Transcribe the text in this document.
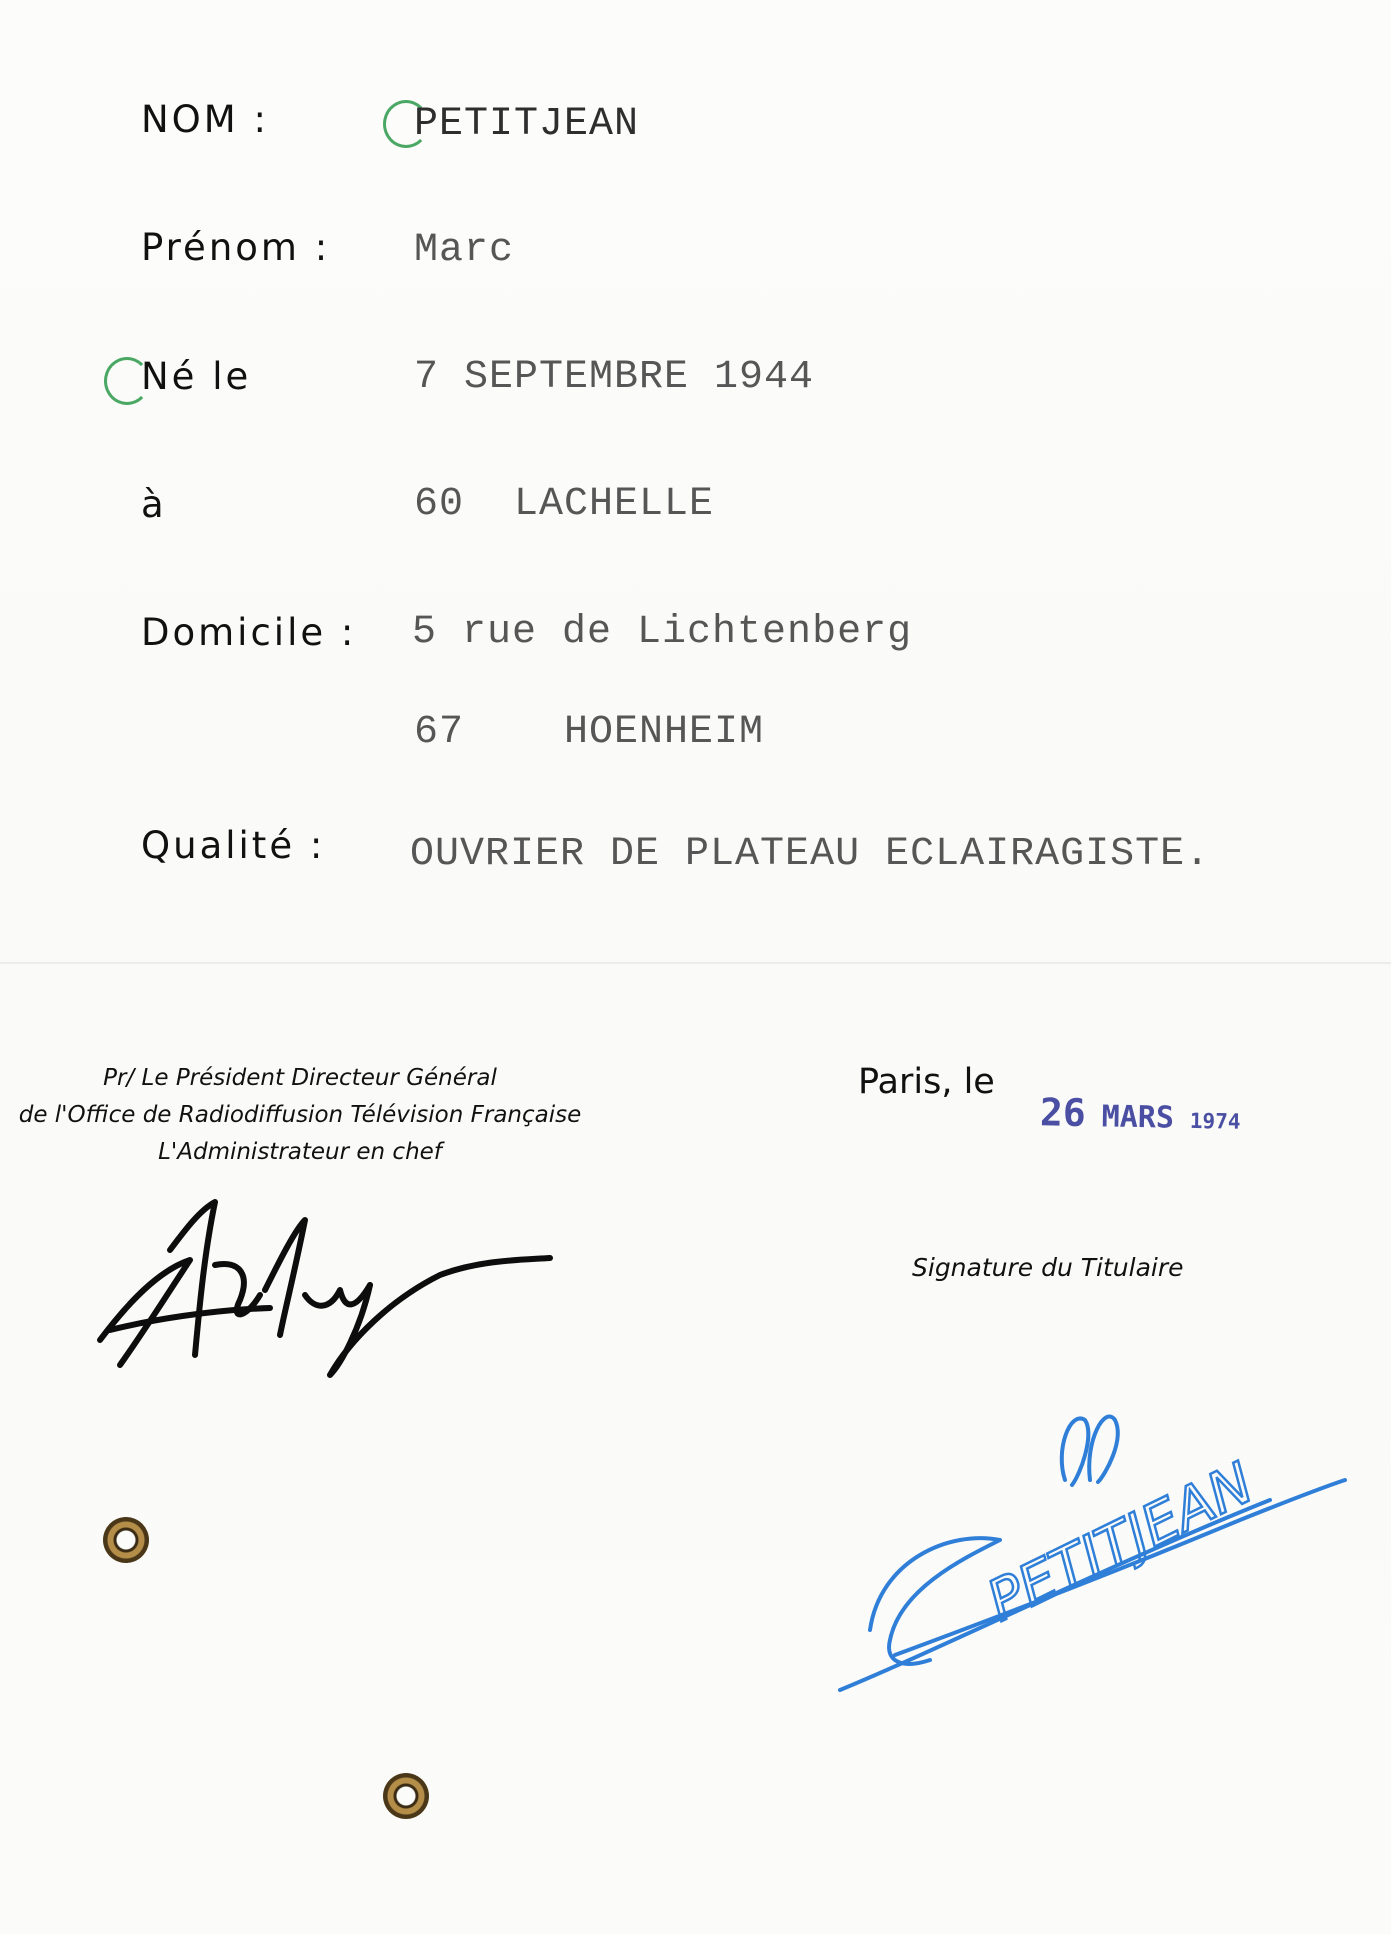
NOM :
Prénom :
Né le
à
Domicile :
Qualité :
PETITJEAN
Marc
7 SEPTEMBRE 1944
60  LACHELLE
5 rue de Lichtenberg
67    HOENHEIM
OUVRIER DE PLATEAU ECLAIRAGISTE.
Pr/ Le Président Directeur Général
de l'Office de Radiodiffusion Télévision Française
L'Administrateur en chef
Paris, le
26 MARS 1974
Signature du Titulaire
PETITJEAN
